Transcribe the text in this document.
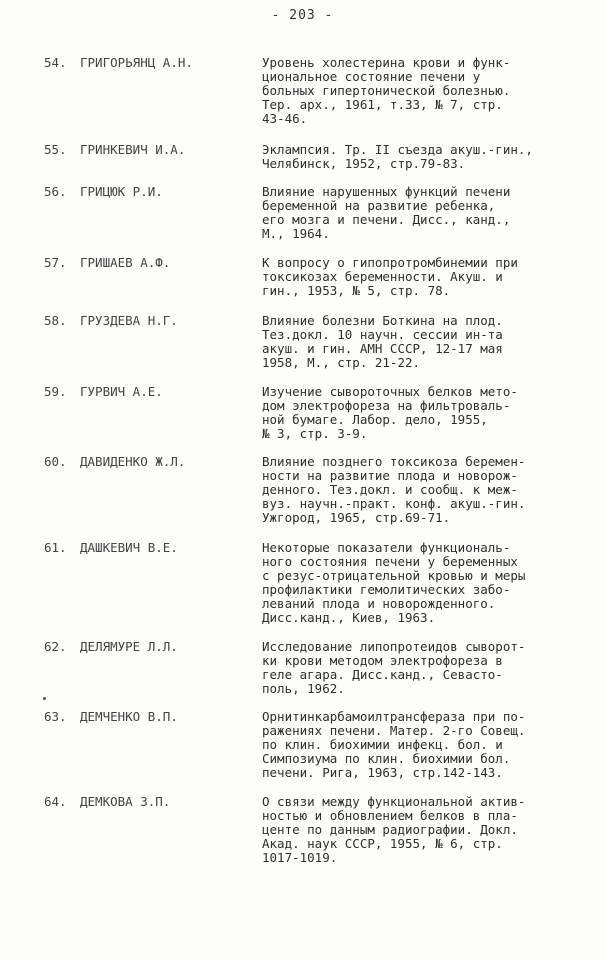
- 203 -
54. ГРИГОРЬЯНЦ А.Н.	Уровень холестерина крови и функ-
циональное состояние печени у
больных гипертонической болезнью.
Тер. арх., 1961, т.33, № 7, стр.
43-46.
55. ГРИНКЕВИЧ И.А.	Эклампсия. Тр. II съезда акуш.-гин.,
Челябинск, 1952, стр.79-83.
56. ГРИЦЮК Р.И.	Влияние нарушенных функций печени
беременной на развитие ребенка,
его мозга и печени. Дисс., канд.,
М., 1964.
57. ГРИШАЕВ А.Ф.	К вопросу о гипопротромбинемии при
токсикозах беременности. Акуш. и
гин., 1953, № 5, стр. 78.
58. ГРУЗДЕВА Н.Г.	Влияние болезни Боткина на плод.
Тез.докл. 10 научн. сессии ин-та
акуш. и гин. АМН СССР, 12-17 мая
1958, М., стр. 21-22.
59. ГУРВИЧ А.Е.	Изучение сывороточных белков мето-
дом электрофореза на фильтроваль-
ной бумаге. Лабор. дело, 1955,
№ 3, стр. 3-9.
60. ДАВИДЕНКО Ж.Л.	Влияние позднего токсикоза беремен-
ности на развитие плода и новорож-
денного. Тез.докл. и сообщ. к меж-
вуз. научн.-практ. конф. акуш.-гин.
Ужгород, 1965, стр.69-71.
61. ДАШКЕВИЧ В.Е.	Некоторые показатели функциональ-
ного состояния печени у беременных
с резус-отрицательной кровью и меры
профилактики гемолитических забо-
леваний плода и новорожденного.
Дисс.канд., Киев, 1963.
62. ДЕЛЯМУРЕ Л.Л.	Исследование липопротеидов сыворот-
ки крови методом электрофореза в
геле агара. Дисс.канд., Севасто-
поль, 1962.
63. ДЕМЧЕНКО В.П.	Орнитинкарбамоилтрансфераза при по-
ражениях печени. Матер. 2-го Совещ.
по клин. биохимии инфекц. бол. и
Симпозиума по клин. биохимии бол.
печени. Рига, 1963, стр.142-143.
64. ДЕМКОВА З.П.	О связи между функциональной актив-
ностью и обновлением белков в пла-
центе по данным радиографии. Докл.
Акад. наук СССР, 1955, № 6, стр.
1017-1019.
